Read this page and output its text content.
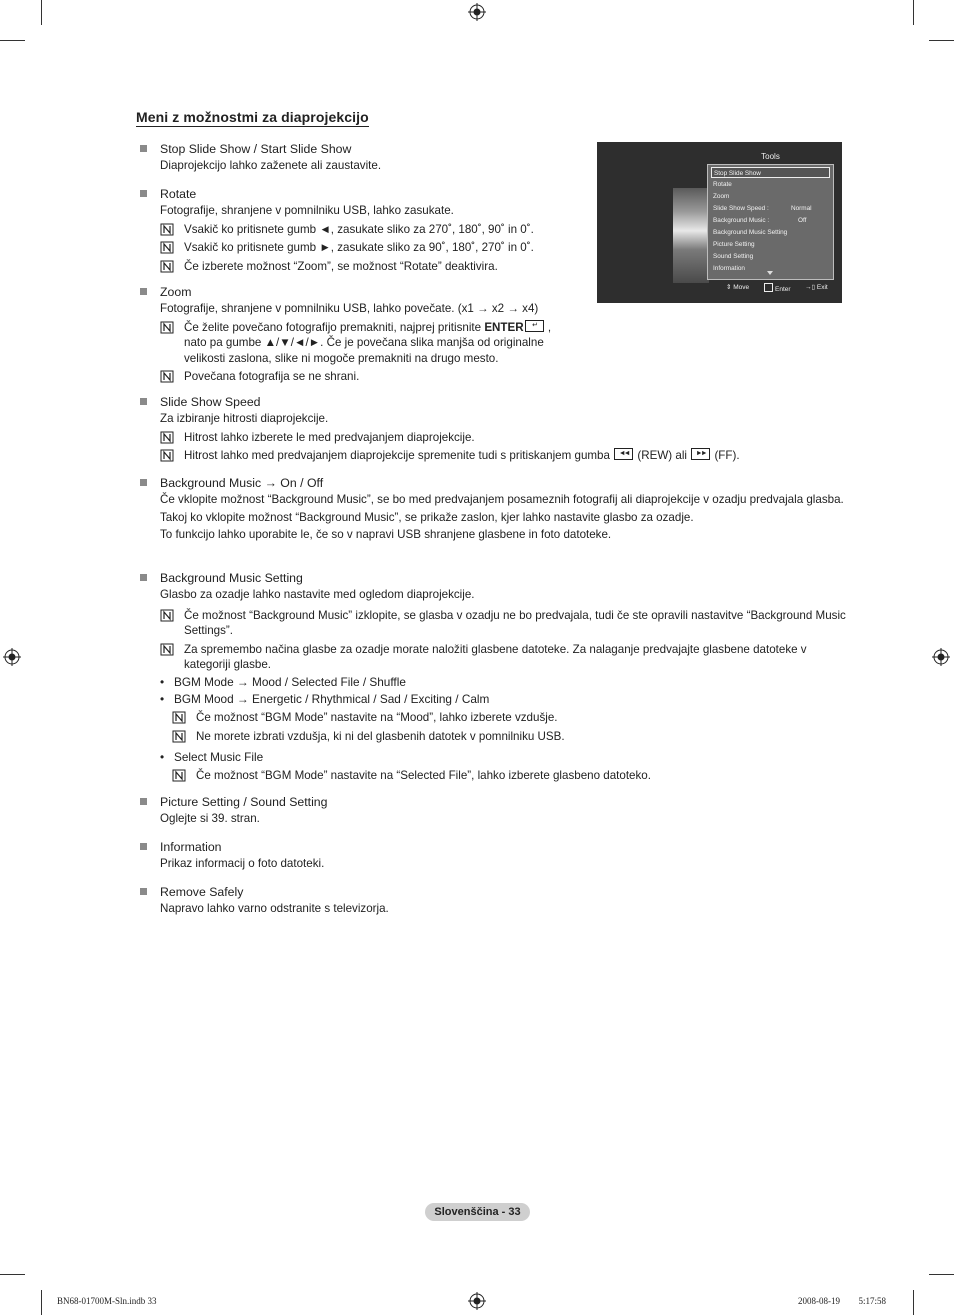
Meni z možnostmi za diaprojekcijo
Tools
Stop Slide Show
Rotate
Zoom
Slide Show Speed :	Normal
Background Music :	Off
Background Music Setting
Picture Setting
Sound Setting
Information
⇕ Move	Enter →▯ Exit
Stop Slide Show / Start Slide Show
Diaprojekcijo lahko zaženete ali zaustavite.
Rotate
Fotografije, shranjene v pomnilniku USB, lahko zasukate.
Vsakič ko pritisnete gumb ◄, zasukate sliko za 270˚, 180˚, 90˚ in 0˚.
Vsakič ko pritisnete gumb ►, zasukate sliko za 90˚, 180˚, 270˚ in 0˚.
Če izberete možnost “Zoom”, se možnost “Rotate” deaktivira.
Zoom
Fotografije, shranjene v pomnilniku USB, lahko povečate. (x1 → x2 → x4)
Če želite povečano fotografijo premakniti, najprej pritisnite ENTER	↵ ,
nato pa gumbe ▲/▼/◄/►. Če je povečana slika manjša od originalne
velikosti zaslona, slike ni mogoče premakniti na drugo mesto.
Povečana fotografija se ne shrani.
Slide Show Speed
Za izbiranje hitrosti diaprojekcije.
Hitrost lahko izberete le med predvajanjem diaprojekcije.
Hitrost lahko med predvajanjem diaprojekcije spremenite tudi s pritiskanjem gumba ◄◄ (REW) ali ►► (FF).
Background Music → On / Off
Če vklopite možnost “Background Music”, se bo med predvajanjem posameznih fotografij ali diaprojekcije v ozadju predvajala glasba.
Takoj ko vklopite možnost “Background Music”, se prikaže zaslon, kjer lahko nastavite glasbo za ozadje.
To funkcijo lahko uporabite le, če so v napravi USB shranjene glasbene in foto datoteke.
Background Music Setting
Glasbo za ozadje lahko nastavite med ogledom diaprojekcije.
Če možnost “Background Music” izklopite, se glasba v ozadju ne bo predvajala, tudi če ste opravili nastavitve “Background Music Settings”.
Za spremembo načina glasbe za ozadje morate naložiti glasbene datoteke. Za nalaganje predvajajte glasbene datoteke v kategoriji glasbe.
• BGM Mode → Mood / Selected File / Shuffle
• BGM Mood → Energetic / Rhythmical / Sad / Exciting / Calm
Če možnost “BGM Mode” nastavite na “Mood”, lahko izberete vzdušje.
Ne morete izbrati vzdušja, ki ni del glasbenih datotek v pomnilniku USB.
• Select Music File
Če možnost “BGM Mode” nastavite na “Selected File”, lahko izberete glasbeno datoteko.
Picture Setting / Sound Setting
Oglejte si 39. stran.
Information
Prikaz informacij o foto datoteki.
Remove Safely
Napravo lahko varno odstranite s televizorja.
Slovenščina - 33
BN68-01700M-Sln.indb 33	2008-08-19 ￿￿ 5:17:58
